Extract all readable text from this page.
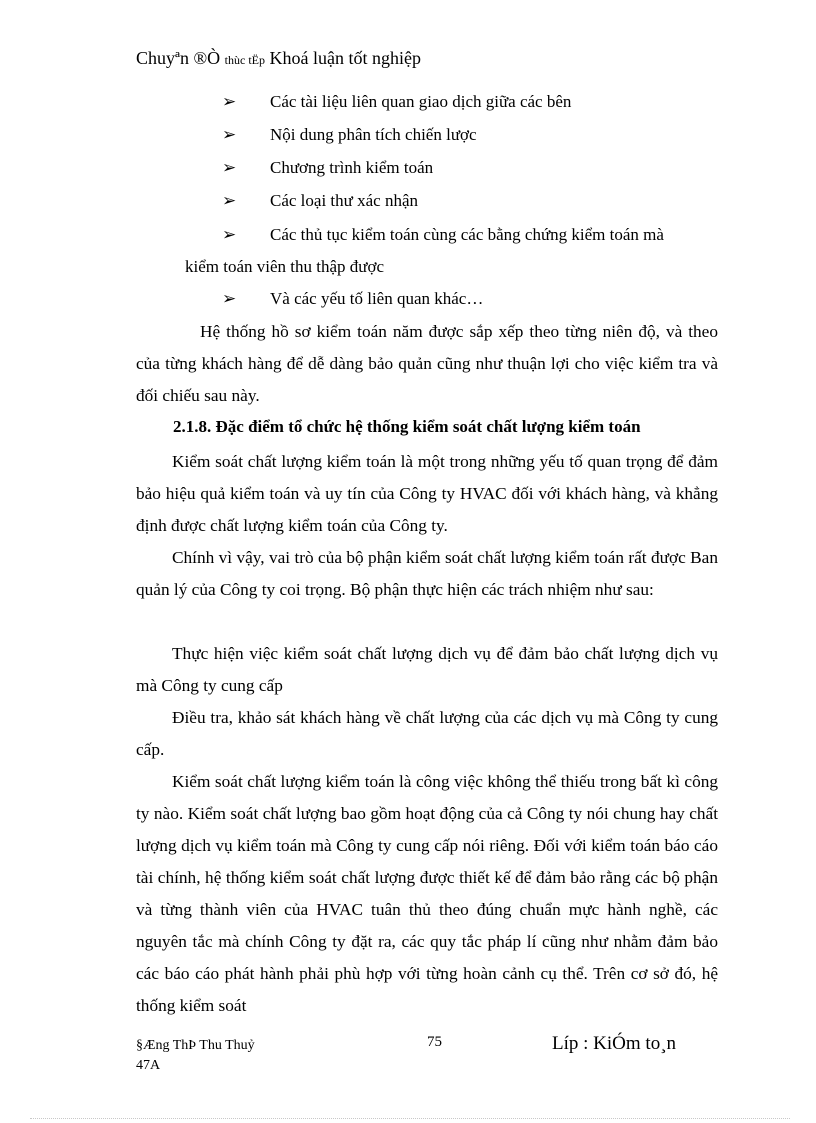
Chuyªn ®Ò thùc tËp Khoá luận tốt nghiệp
➢ Các tài liệu liên quan giao dịch giữa các bên
➢ Nội dung phân tích chiến lược
➢ Chương trình kiểm toán
➢ Các loại thư xác nhận
➢ Các thủ tục kiểm toán cùng các bằng chứng kiểm toán mà
kiểm toán viên thu thập được
➢ Và các yếu tố liên quan khác…
Hệ thống hồ sơ kiểm toán năm được sắp xếp theo từng niên độ, và theo của từng khách hàng để dễ dàng bảo quản cũng như thuận lợi cho việc kiểm tra và đối chiếu sau này.
2.1.8. Đặc điểm tổ chức hệ thống kiểm soát chất lượng kiểm toán
Kiểm soát chất lượng kiểm toán là một trong những yếu tố quan trọng để đảm bảo hiệu quả kiểm toán và uy tín của Công ty HVAC đối với khách hàng, và khẳng định được chất lượng kiểm toán của Công ty.
Chính vì vậy, vai trò của bộ phận kiểm soát chất lượng kiểm toán rất được Ban quản lý của Công ty coi trọng. Bộ phận thực hiện các trách nhiệm như sau:
Thực hiện việc kiểm soát chất lượng dịch vụ để đảm bảo chất lượng dịch vụ mà Công ty cung cấp
Điều tra, khảo sát khách hàng về chất lượng của các dịch vụ mà Công ty cung cấp.
Kiểm soát chất lượng kiểm toán là công việc không thể thiếu trong bất kì công ty nào. Kiểm soát chất lượng bao gồm hoạt động của cả Công ty nói chung hay chất lượng dịch vụ kiểm toán mà Công ty cung cấp nói riêng. Đối với kiểm toán báo cáo tài chính, hệ thống kiểm soát chất lượng được thiết kế để đảm bảo rằng các bộ phận và từng thành viên của HVAC tuân thủ theo đúng chuẩn mực hành nghề, các nguyên tắc mà chính Công ty đặt ra, các quy tắc pháp lí cũng như nhằm đảm bảo các báo cáo phát hành phải phù hợp với từng hoàn cảnh cụ thể. Trên cơ sở đó, hệ thống kiểm soát
§Æng ThÞ Thu Thuỷ
47A
75	Líp : KiÓm to¸n
